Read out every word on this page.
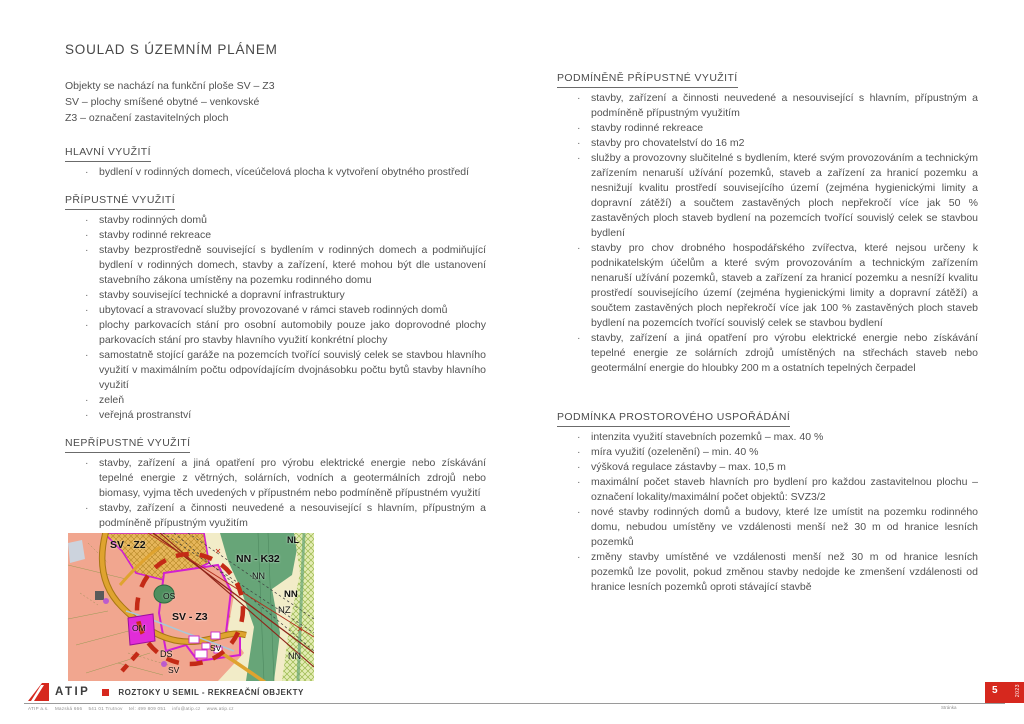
SOULAD S ÚZEMNÍM PLÁNEM
Objekty se nachází na funkční ploše SV – Z3
SV – plochy smíšené obytné – venkovské
Z3 – označení zastavitelných ploch
HLAVNÍ VYUŽITÍ
·	bydlení v rodinných domech, víceúčelová plocha k vytvoření obytného prostředí
PŘÍPUSTNÉ VYUŽITÍ
·	stavby rodinných domů
·	stavby rodinné rekreace
·	stavby bezprostředně související s bydlením v rodinných domech a podmiňující bydlení v rodinných domech, stavby a zařízení, které mohou být dle ustanovení stavebního zákona umístěny na pozemku rodinného domu
·	stavby související technické a dopravní infrastruktury
·	ubytovací a stravovací služby provozované v rámci staveb rodinných domů
·	plochy parkovacích stání pro osobní automobily pouze jako doprovodné plochy parkovacích stání pro stavby hlavního využití konkrétní plochy
·	samostatně stojící garáže na pozemcích tvořící souvislý celek se stavbou hlavního využití v maximálním počtu odpovídajícím dvojnásobku počtu bytů stavby hlavního využití
·	zeleň
·	veřejná prostranství
NEPŘÍPUSTNÉ VYUŽITÍ
·	stavby, zařízení a jiná opatření pro výrobu elektrické energie nebo získávání tepelné energie z větrných, solárních, vodních a geotermálních zdrojů nebo biomasy, vyjma těch uvedených v přípustném nebo podmíněně přípustném využití
·	stavby, zařízení a činnosti neuvedené a nesouvisející s hlavním, přípustným a podmíněně přípustným využitím
PODMÍNĚNĚ PŘÍPUSTNÉ VYUŽITÍ
·	stavby, zařízení a činnosti neuvedené a nesouvisející s hlavním, přípustným a podmíněně přípustným využitím
·	stavby rodinné rekreace
·	stavby pro chovatelství do 16 m2
·	služby a provozovny slučitelné s bydlením, které svým provozováním a technickým zařízením nenaruší užívání pozemků, staveb a zařízení za hranicí pozemku a nesnižují kvalitu prostředí souvisejícího území (zejména hygienickými limity a dopravní zátěží) a součtem zastavěných ploch nepřekročí více jak 50 % zastavěných ploch staveb bydlení na pozemcích tvořící souvislý celek se stavbou bydlení
·	stavby pro chov drobného hospodářského zvířectva, které nejsou určeny k podnikatelským účelům a které svým provozováním a technickým zařízením nenaruší užívání pozemků, staveb a zařízení za hranicí pozemku a nesníží kvalitu prostředí souvisejícího území (zejména hygienickými limity a dopravní zátěží) a součtem zastavěných ploch nepřekročí více jak 100 % zastavěných ploch staveb bydlení na pozemcích tvořící souvislý celek se stavbou bydlení
·	stavby, zařízení a jiná opatření pro výrobu elektrické energie nebo získávání tepelné energie ze solárních zdrojů umístěných na střechách staveb nebo geotermální energie do hloubky 200 m a ostatních tepelných čerpadel
PODMÍNKA PROSTOROVÉHO USPOŘÁDÁNÍ
·	intenzita využití stavebních pozemků – max. 40 %
·	míra využití (ozelenění) – min. 40 %
·	výšková regulace zástavby – max. 10,5 m
·	maximální počet staveb hlavních pro bydlení pro každou zastavitelnou plochu – označení lokality/maximální počet objektů: SVZ3/2
·	nové stavby rodinných domů a budovy, které lze umístit na pozemku rodinného domu, nebudou umístěny ve vzdálenosti menší než 30 m od hranice lesních pozemků
·	změny stavby umístěné ve vzdálenosti menší než 30 m od hranice lesních pozemků lze povolit, pokud změnou stavby nedojde ke zmenšení vzdálenosti od hranice lesních pozemků oproti stávající stavbě
SV - Z2
NN - K32
NL
NN
NN
NZ
OS
SV - Z3
OM
DS
SV
SV
NN
ATIP	ROZTOKY U SEMIL - REKREAČNÍ OBJEKTY
ATIP a.s.    Mazská 666    541 01 Trutnov    tel: 499 809 051    info@atip.cz    www.atip.cz	Stránka
5	2023
